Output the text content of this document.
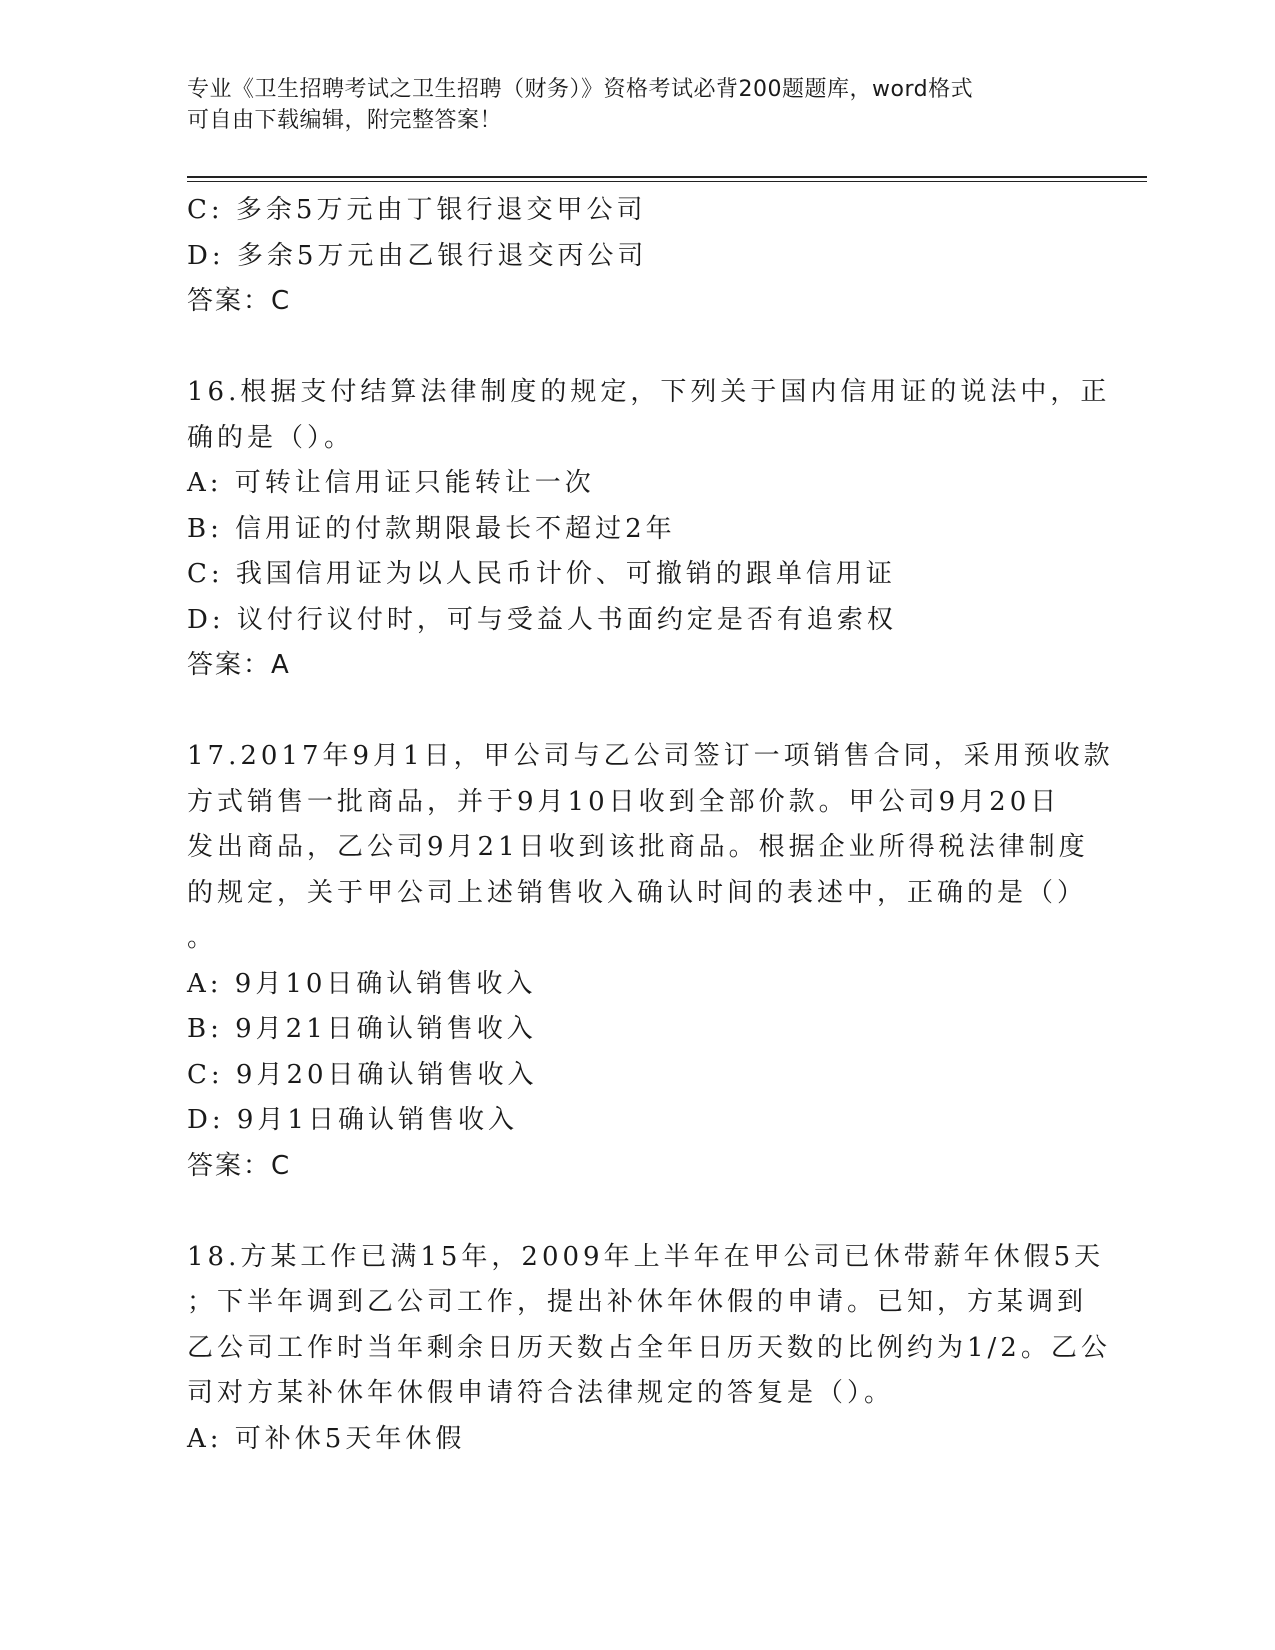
专业《卫生招聘考试之卫生招聘（财务）》资格考试必背200题题库，word格式
可自由下载编辑，附完整答案！
C: 多余5万元由丁银行退交甲公司
D: 多余5万元由乙银行退交丙公司
答案：C
16.根据支付结算法律制度的规定，下列关于国内信用证的说法中，正
确的是（）。
A: 可转让信用证只能转让一次
B: 信用证的付款期限最长不超过2年
C: 我国信用证为以人民币计价、可撤销的跟单信用证
D: 议付行议付时，可与受益人书面约定是否有追索权
答案：A
17.2017年9月1日，甲公司与乙公司签订一项销售合同，采用预收款
方式销售一批商品，并于9月10日收到全部价款。甲公司9月20日
发出商品，乙公司9月21日收到该批商品。根据企业所得税法律制度
的规定，关于甲公司上述销售收入确认时间的表述中，正确的是（）
。
A: 9月10日确认销售收入
B: 9月21日确认销售收入
C: 9月20日确认销售收入
D: 9月1日确认销售收入
答案：C
18.方某工作已满15年，2009年上半年在甲公司已休带薪年休假5天
；下半年调到乙公司工作，提出补休年休假的申请。已知，方某调到
乙公司工作时当年剩余日历天数占全年日历天数的比例约为1/2。乙公
司对方某补休年休假申请符合法律规定的答复是（）。
A: 可补休5天年休假
